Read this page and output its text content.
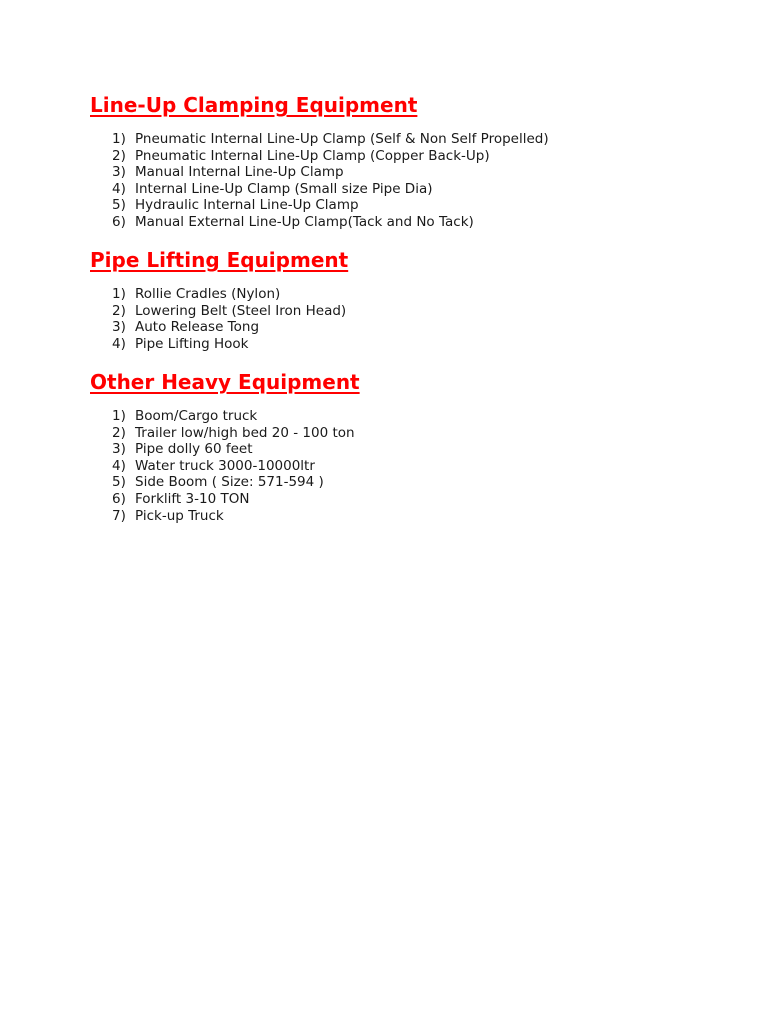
Line-Up Clamping Equipment
1) Pneumatic Internal Line-Up Clamp (Self & Non Self Propelled)
2) Pneumatic Internal Line-Up Clamp (Copper Back-Up)
3) Manual Internal Line-Up Clamp
4) Internal Line-Up Clamp (Small size Pipe Dia)
5) Hydraulic Internal Line-Up Clamp
6) Manual External Line-Up Clamp(Tack and No Tack)
Pipe Lifting Equipment
1) Rollie Cradles (Nylon)
2) Lowering Belt (Steel Iron Head)
3) Auto Release Tong
4) Pipe Lifting Hook
Other Heavy Equipment
1) Boom/Cargo truck
2) Trailer low/high bed 20 - 100 ton
3) Pipe dolly 60 feet
4) Water truck 3000-10000ltr
5) Side Boom ( Size: 571-594 )
6) Forklift 3-10 TON
7) Pick-up Truck
